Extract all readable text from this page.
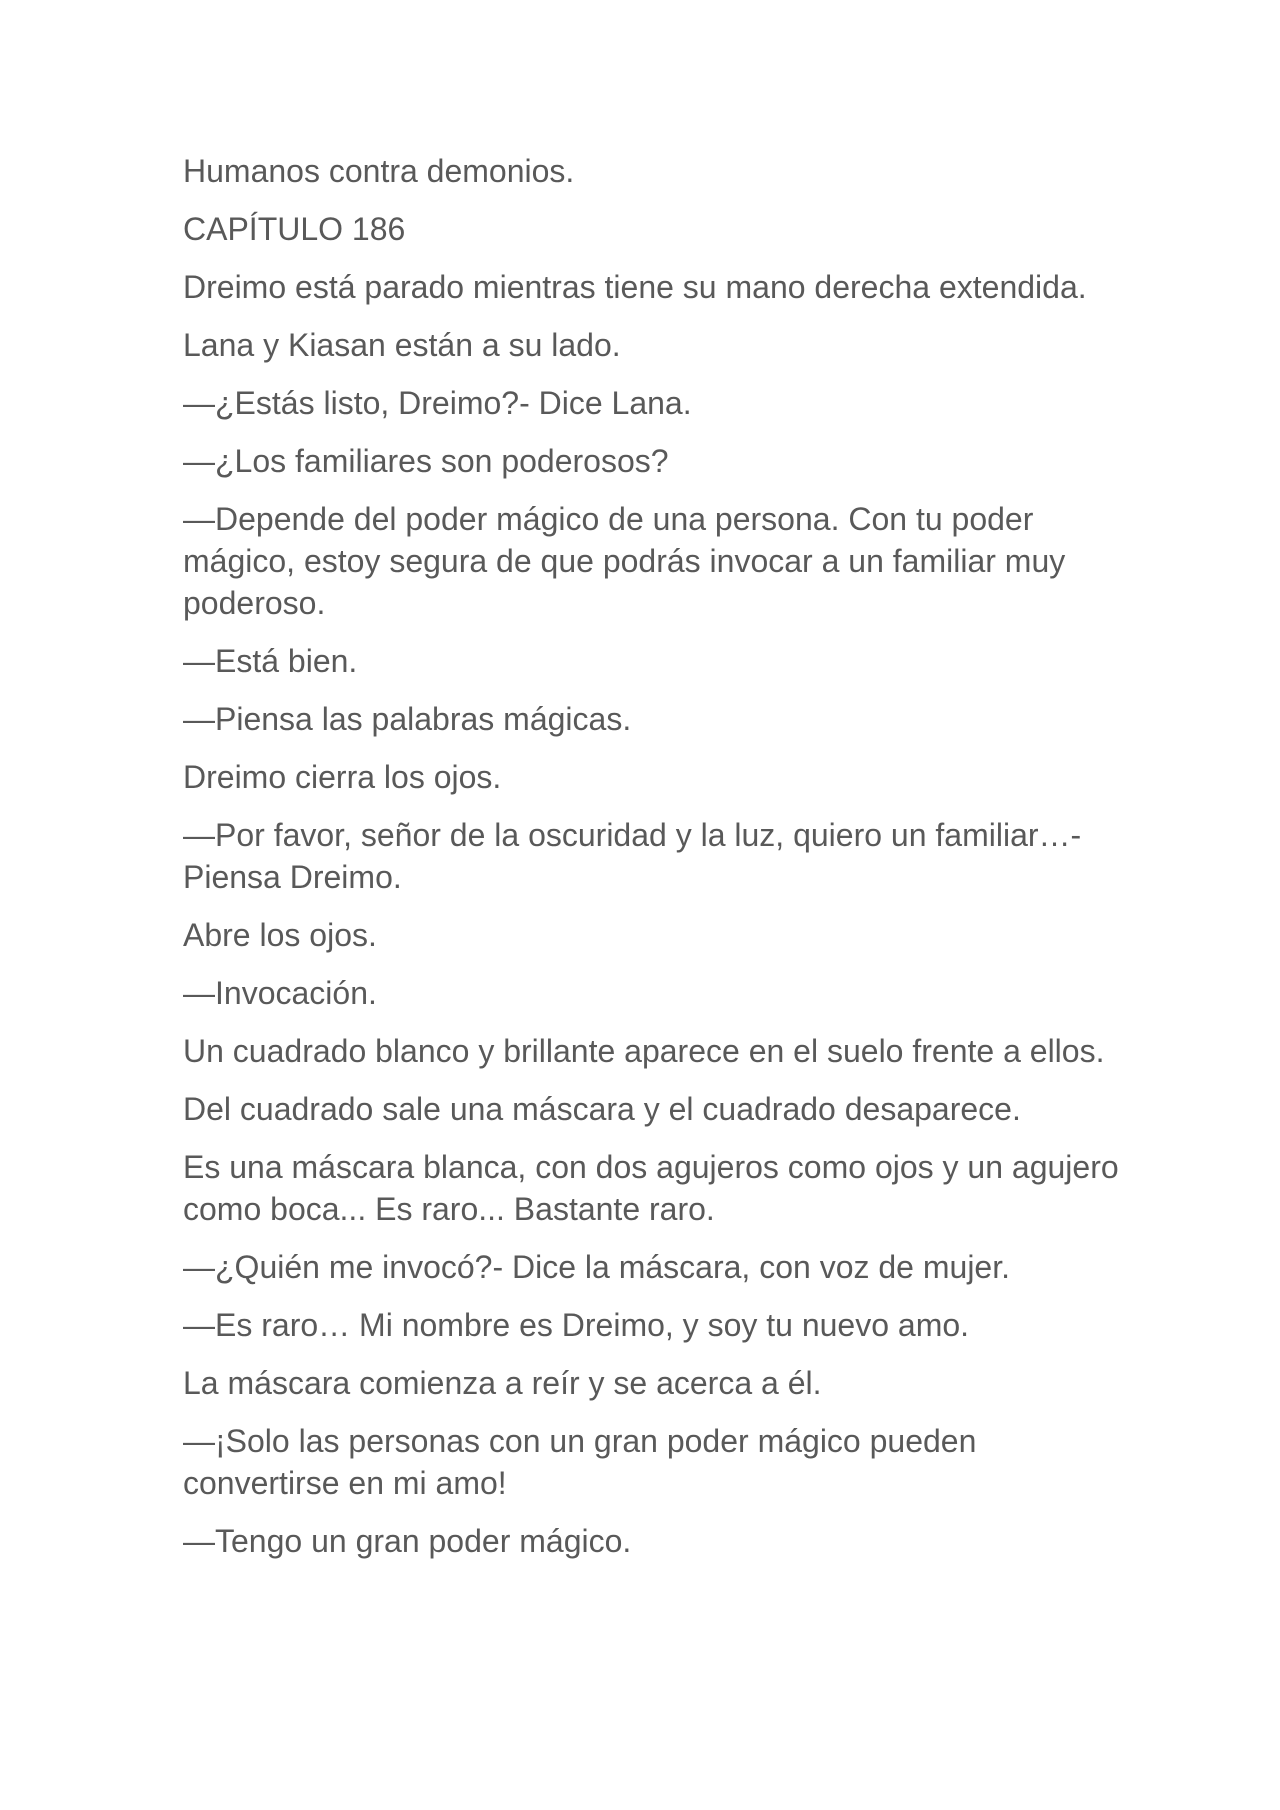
Humanos contra demonios.

CAPÍTULO 186

Dreimo está parado mientras tiene su mano derecha extendida.

Lana y Kiasan están a su lado.

—¿Estás listo, Dreimo?- Dice Lana.

—¿Los familiares son poderosos?

—Depende del poder mágico de una persona. Con tu poder mágico, estoy segura de que podrás invocar a un familiar muy poderoso.

—Está bien.

—Piensa las palabras mágicas.

Dreimo cierra los ojos.

—Por favor, señor de la oscuridad y la luz, quiero un familiar…- Piensa Dreimo.

Abre los ojos.

—Invocación.

Un cuadrado blanco y brillante aparece en el suelo frente a ellos.

Del cuadrado sale una máscara y el cuadrado desaparece.

Es una máscara blanca, con dos agujeros como ojos y un agujero como boca... Es raro... Bastante raro.

—¿Quién me invocó?- Dice la máscara, con voz de mujer.

—Es raro… Mi nombre es Dreimo, y soy tu nuevo amo.

La máscara comienza a reír y se acerca a él.

—¡Solo las personas con un gran poder mágico pueden convertirse en mi amo!

—Tengo un gran poder mágico.
